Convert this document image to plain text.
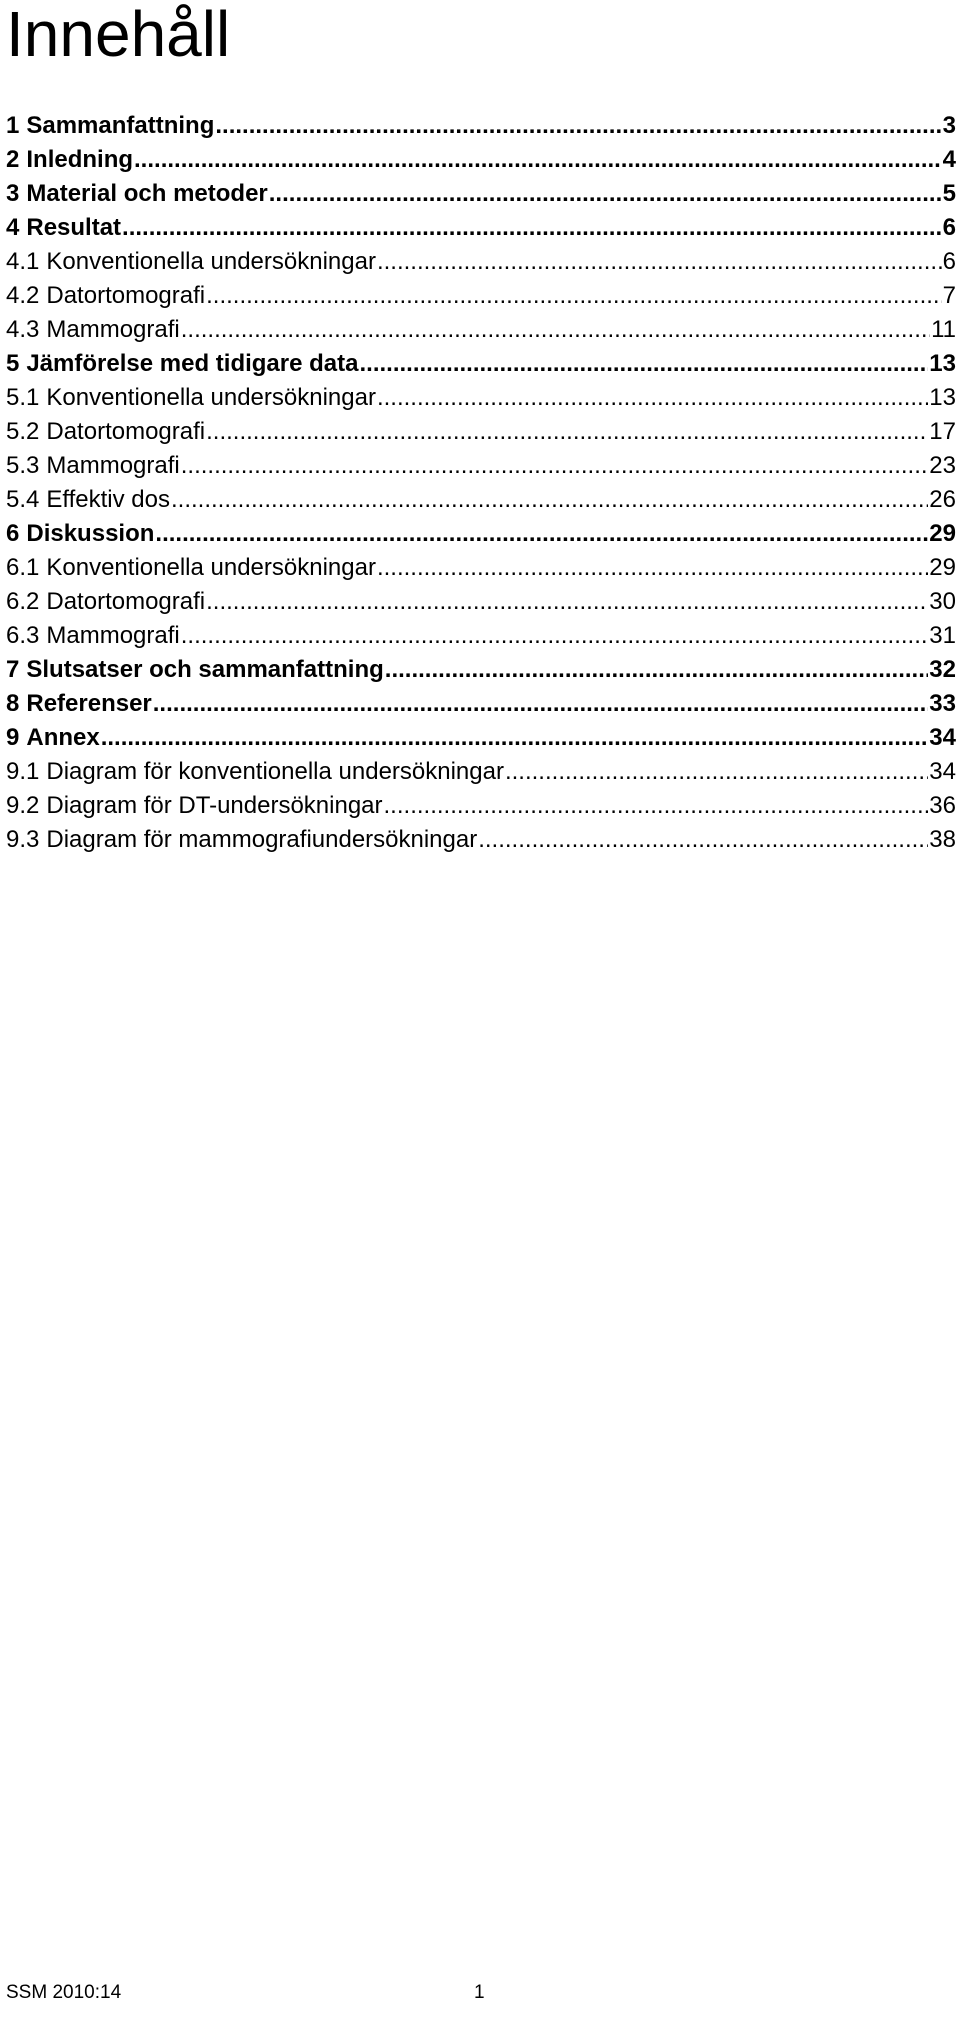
Innehåll
1 Sammanfattning .....	3
2 Inledning .....	4
3 Material och metoder .....	5
4 Resultat .....	6
4.1 Konventionella undersökningar .....	6
4.2 Datortomografi .....	7
4.3 Mammografi .....	11
5 Jämförelse med tidigare data .....	13
5.1 Konventionella undersökningar .....	13
5.2 Datortomografi .....	17
5.3 Mammografi .....	23
5.4 Effektiv dos .....	26
6 Diskussion .....	29
6.1 Konventionella undersökningar .....	29
6.2 Datortomografi .....	30
6.3 Mammografi .....	31
7 Slutsatser och sammanfattning .....	32
8 Referenser .....	33
9 Annex .....	34
9.1 Diagram för konventionella undersökningar .....	34
9.2 Diagram för DT-undersökningar .....	36
9.3 Diagram för mammografiundersökningar .....	38
SSM 2010:14	1
